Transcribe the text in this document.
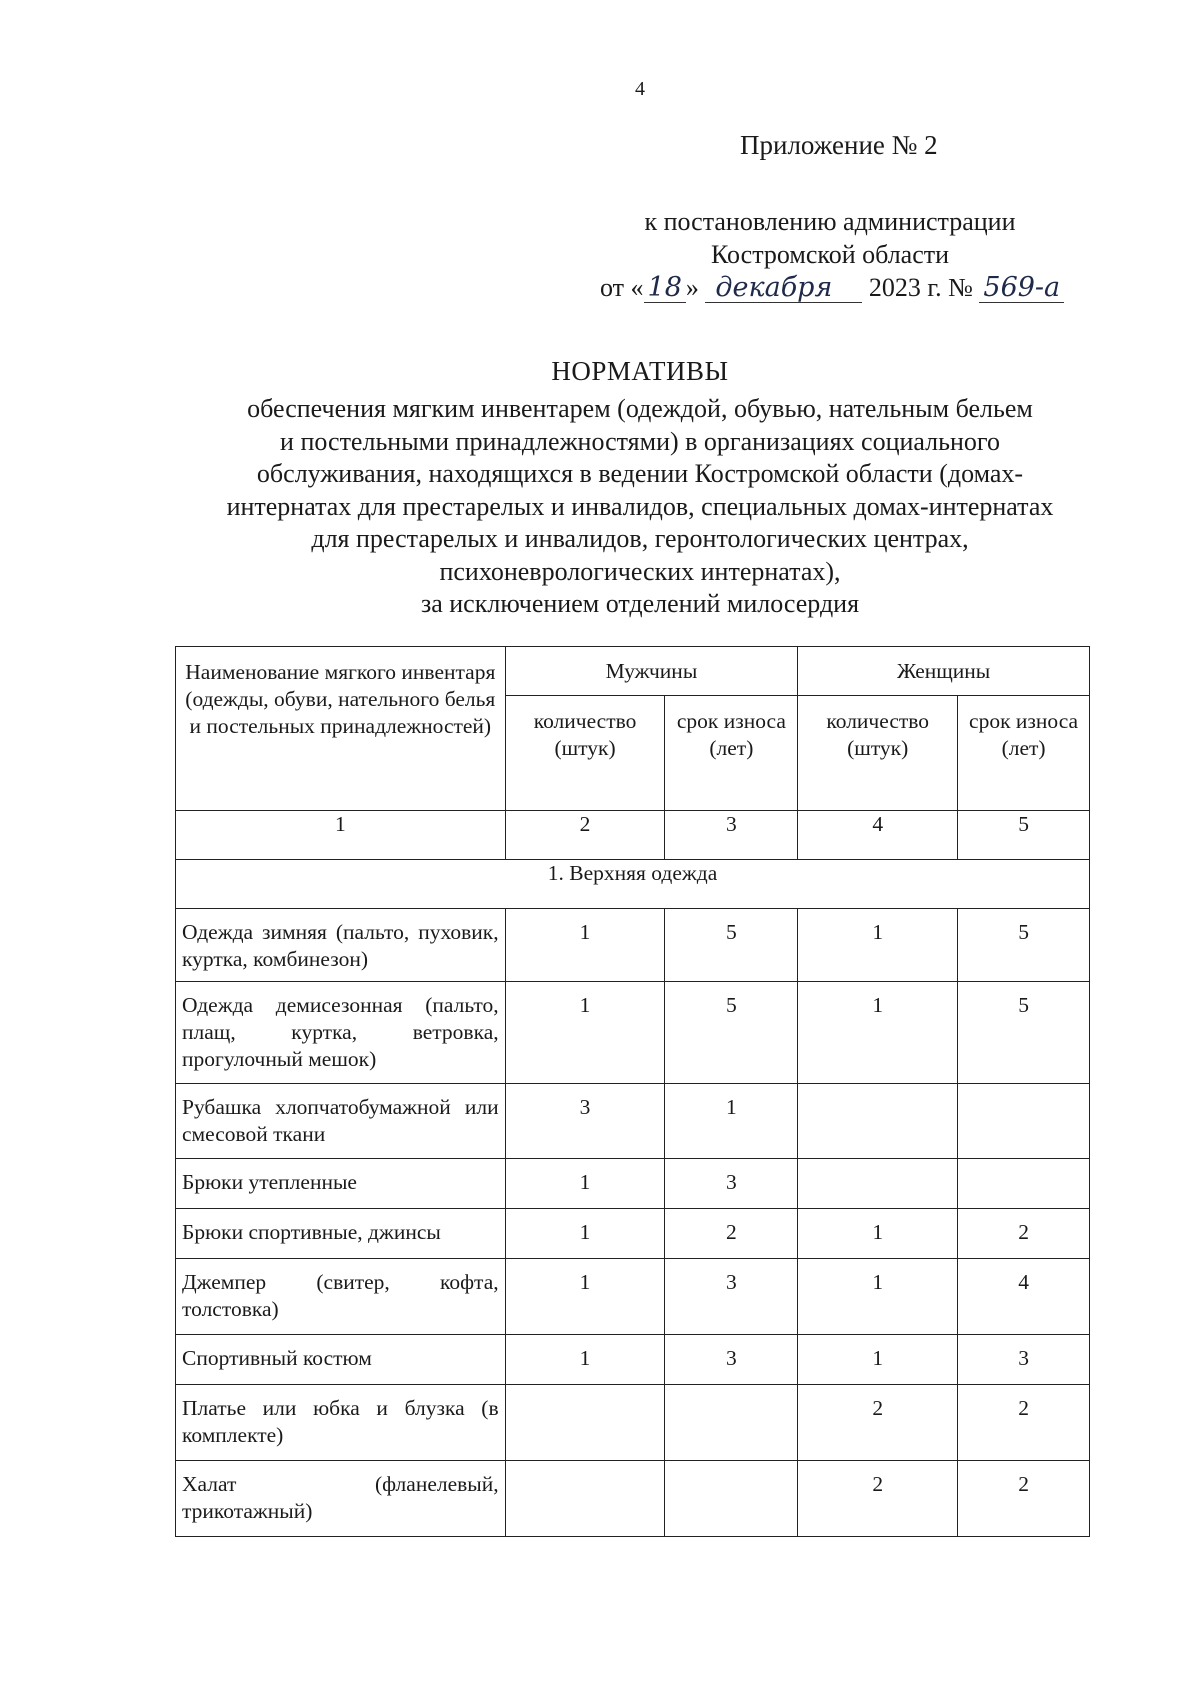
4
Приложение № 2
к постановлению администрации
Костромской области
от « 18 » декабря 2023 г. № 569-а
НОРМАТИВЫ
обеспечения мягким инвентарем (одеждой, обувью, нательным бельем
и постельными принадлежностями) в организациях социального
обслуживания, находящихся в ведении Костромской области (домах-
интернатах для престарелых и инвалидов, специальных домах-интернатах
для престарелых и инвалидов, геронтологических центрах,
психоневрологических интернатах),
за исключением отделений милосердия
Наименование мягкого инвентаря (одежды, обуви, нательного белья и постельных принадлежностей)	Мужчины		Женщины	
	количество (штук)	срок износа (лет)	количество (штук)	срок износа (лет)
1	2	3	4	5
1. Верхняя одежда				
Одежда зимняя (пальто, пуховик, куртка, комбинезон)	1	5	1	5
Одежда демисезонная (пальто, плащ, куртка, ветровка, прогулочный мешок)	1	5	1	5
Рубашка хлопчатобумажной или смесовой ткани	3	1		
Брюки утепленные	1	3		
Брюки спортивные, джинсы	1	2	1	2
Джемпер (свитер, кофта, толстовка)	1	3	1	4
Спортивный костюм	1	3	1	3
Платье или юбка и блузка (в комплекте)			2	2
Халат (фланелевый, трикотажный)			2	2
